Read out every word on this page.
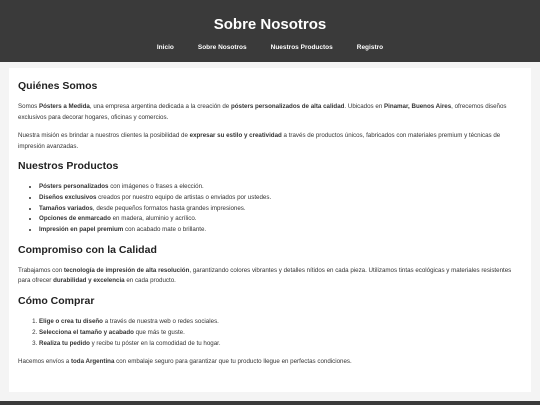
Sobre Nosotros
Inicio	Sobre Nosotros	Nuestros Productos	Registro
Quiénes Somos

Somos Pósters a Medida, una empresa argentina dedicada a la creación de pósters personalizados de alta calidad. Ubicados en Pinamar, Buenos Aires, ofrecemos diseños exclusivos para decorar hogares, oficinas y comercios.

Nuestra misión es brindar a nuestros clientes la posibilidad de expresar su estilo y creatividad a través de productos únicos, fabricados con materiales premium y técnicas de impresión avanzadas.

Nuestros Productos
• Pósters personalizados con imágenes o frases a elección.
• Diseños exclusivos creados por nuestro equipo de artistas o enviados por ustedes.
• Tamaños variados, desde pequeños formatos hasta grandes impresiones.
• Opciones de enmarcado en madera, aluminio y acrílico.
• Impresión en papel premium con acabado mate o brillante.
Compromiso con la Calidad

Trabajamos con tecnología de impresión de alta resolución, garantizando colores vibrantes y detalles nítidos en cada pieza. Utilizamos tintas ecológicas y materiales resistentes para ofrecer durabilidad y excelencia en cada producto.

Cómo Comprar
1. Elige o crea tu diseño a través de nuestra web o redes sociales.
2. Selecciona el tamaño y acabado que más te guste.
3. Realiza tu pedido y recibe tu póster en la comodidad de tu hogar.

Hacemos envíos a toda Argentina con embalaje seguro para garantizar que tu producto llegue en perfectas condiciones.
